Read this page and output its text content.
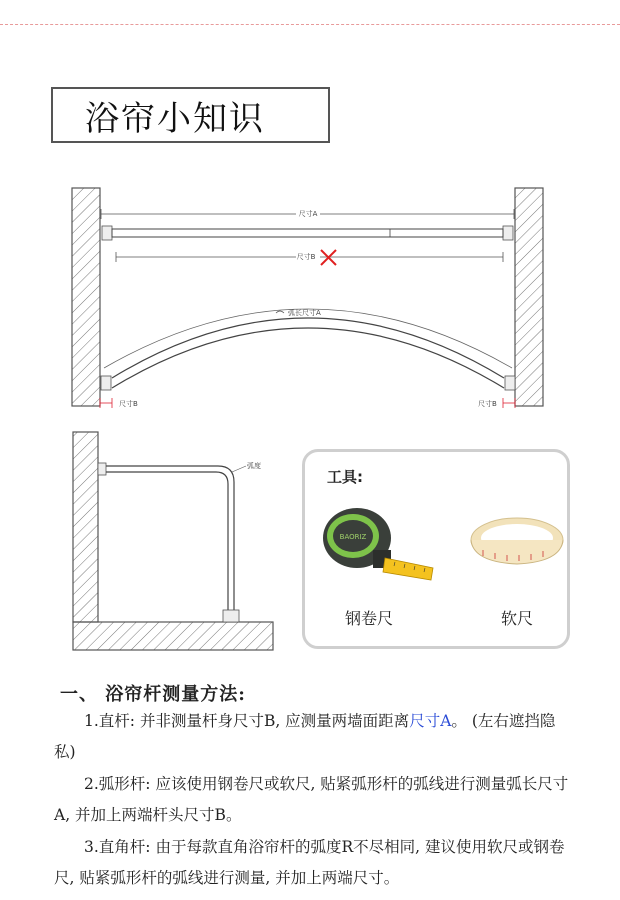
浴帘小知识
尺寸A
尺寸B
弧长尺寸A
尺寸B	尺寸B
弧度
工具:
BAORIZ
钢卷尺	软尺
一、 浴帘杆测量方法:
1.直杆: 并非测量杆身尺寸B, 应测量两墙面距离尺寸A。 (左右遮挡隐私)
2.弧形杆: 应该使用钢卷尺或软尺, 贴紧弧形杆的弧线进行测量弧长尺寸A, 并加上两端杆头尺寸B。
3.直角杆: 由于每款直角浴帘杆的弧度R不尽相同, 建议使用软尺或钢卷尺, 贴紧弧形杆的弧线进行测量, 并加上两端尺寸。
